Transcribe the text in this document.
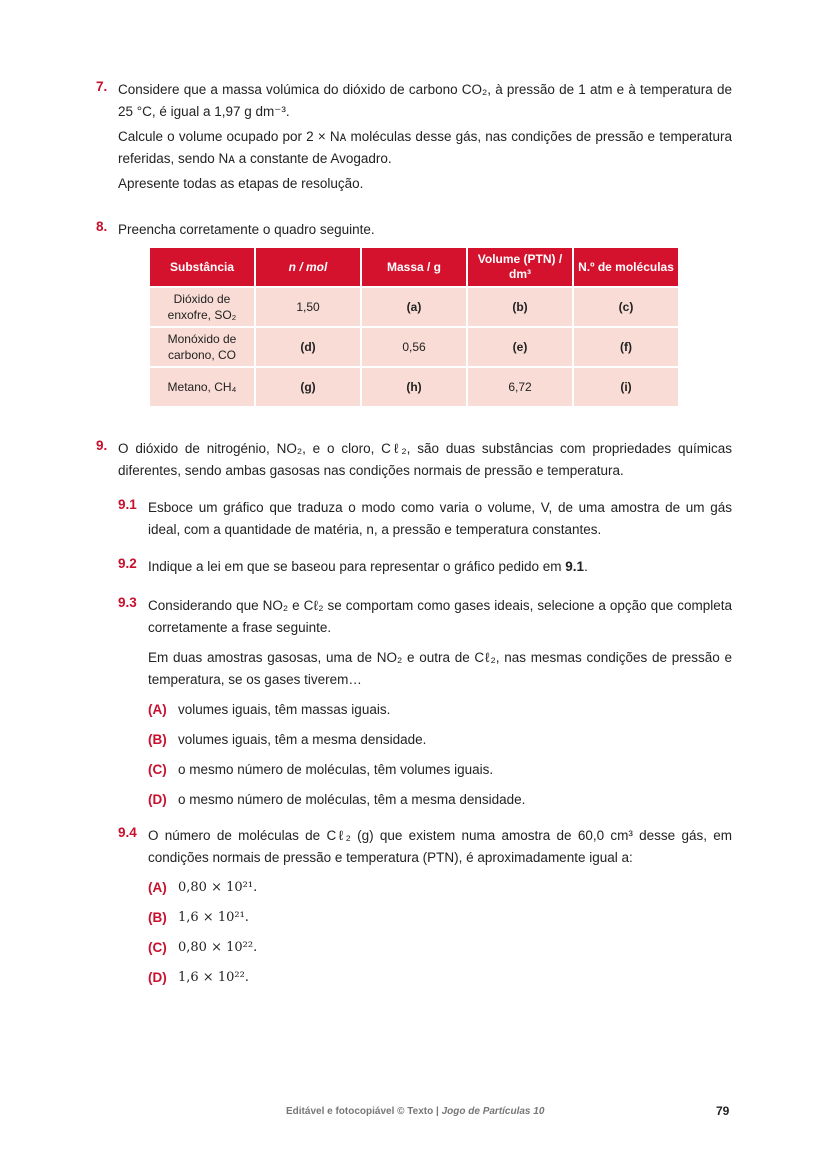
7. Considere que a massa volúmica do dióxido de carbono CO₂, à pressão de 1 atm e à temperatura de 25 °C, é igual a 1,97 g dm⁻³.

Calcule o volume ocupado por 2 × Nᴀ moléculas desse gás, nas condições de pressão e temperatura referidas, sendo Nᴀ a constante de Avogadro.

Apresente todas as etapas de resolução.

8. Preencha corretamente o quadro seguinte.

Substância	n / mol	Massa / g	Volume (PTN) / dm³	N.º de moléculas
Dióxido de enxofre, SO₂	1,50	(a)	(b)	(c)
Monóxido de carbono, CO	(d)	0,56	(e)	(f)
Metano, CH₄	(g)	(h)	6,72	(i)
9. O dióxido de nitrogénio, NO₂, e o cloro, Cℓ₂, são duas substâncias com propriedades químicas diferentes, sendo ambas gasosas nas condições normais de pressão e temperatura.

9.1 Esboce um gráfico que traduza o modo como varia o volume, V, de uma amostra de um gás ideal, com a quantidade de matéria, n, a pressão e temperatura constantes.

9.2 Indique a lei em que se baseou para representar o gráfico pedido em 9.1.

9.3 Considerando que NO₂ e Cℓ₂ se comportam como gases ideais, selecione a opção que completa corretamente a frase seguinte.

Em duas amostras gasosas, uma de NO₂ e outra de Cℓ₂, nas mesmas condições de pressão e temperatura, se os gases tiverem…

(A) volumes iguais, têm massas iguais.
(B) volumes iguais, têm a mesma densidade.
(C) o mesmo número de moléculas, têm volumes iguais.
(D) o mesmo número de moléculas, têm a mesma densidade.
9.4 O número de moléculas de Cℓ₂ (g) que existem numa amostra de 60,0 cm³ desse gás, em condições normais de pressão e temperatura (PTN), é aproximadamente igual a:

(A) 0,80 × 10²¹.
(B) 1,6 × 10²¹.
(C) 0,80 × 10²².
(D) 1,6 × 10²².
Editável e fotocopiável © Texto | Jogo de Partículas 10	79
